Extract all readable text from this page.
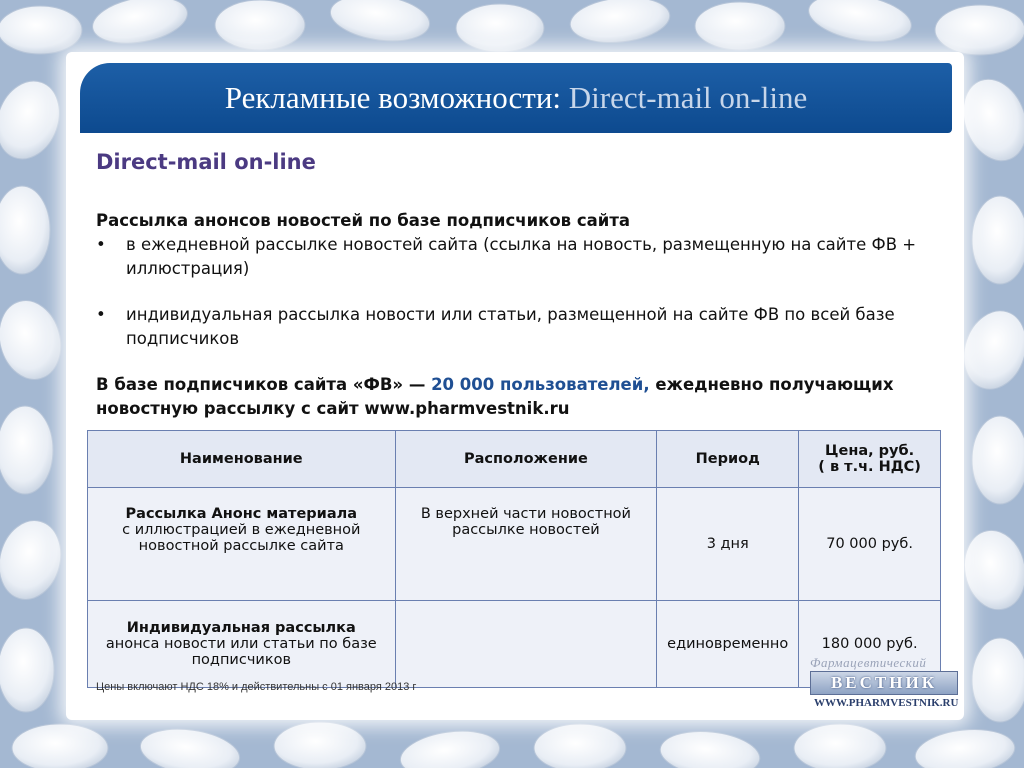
Рекламные возможности: Direct-mail on-line
Direct-mail on-line
Рассылка анонсов новостей по базе подписчиков сайта
•	в ежедневной рассылке новостей сайта (ссылка на новость, размещенную на сайте ФВ + иллюстрация)
•	индивидуальная рассылка новости или статьи, размещенной на сайте ФВ по всей базе подписчиков
В базе подписчиков сайта «ФВ» — 20 000 пользователей, ежедневно получающих новостную рассылку с сайт www.pharmvestnik.ru
Наименование	Расположение	Период	Цена, руб.
( в т.ч. НДС)

Рассылка Анонс материала
с иллюстрацией в ежедневной новостной рассылке сайта	В верхней части новостной рассылке новостей	3 дня	70 000 руб.

Индивидуальная рассылка
анонса новости или статьи по базе подписчиков		единовременно	180 000 руб.
Цены включают НДС 18% и действительны с 01 января 2013 г
Фармацевтический
ВЕСТНИК
WWW.PHARMVESTNIK.RU
